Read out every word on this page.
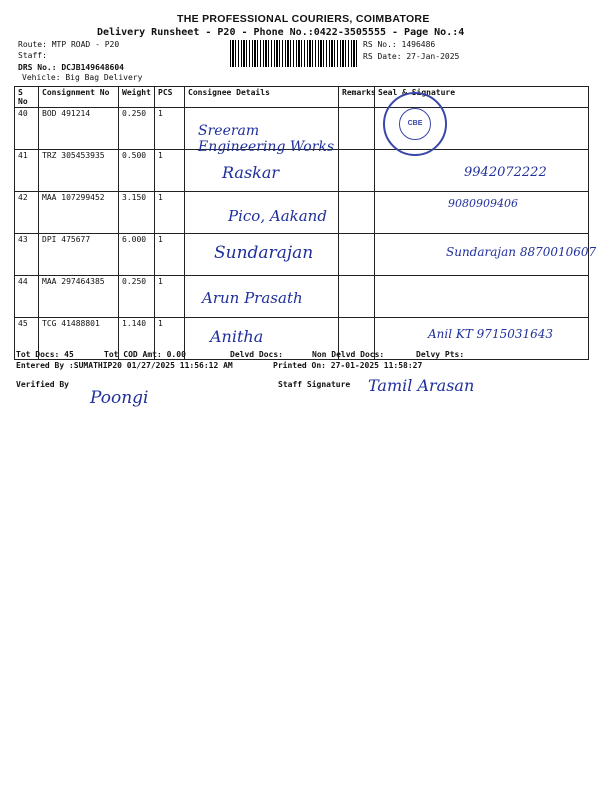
THE PROFESSIONAL COURIERS, COIMBATORE
Delivery Runsheet - P20 - Phone No.:0422-3505555 - Page No.:4
Route: MTP ROAD - P20
Staff:
DRS No.: DCJB149648604
Vehicle: Big Bag Delivery
RS No.: 1496486
RS Date: 27-Jan-2025
S No	Consignment No	Weight	PCS	Consignee Details	Remarks	Seal & Signature
40	BOD 491214	0.250	1	Sreeram Engineering Works		
41	TRZ 305453935	0.500	1	Raskar		9942072222
42	MAA 107299452	3.150	1	Pico, Aakand		9080909406
43	DPI 475677	6.000	1	Sundarajan		Sundarajan 8870010607
44	MAA 297464385	0.250	1	Arun Prasath		
45	TCG 41488801	1.140	1	Anitha		Anil KT 9715031643
CBE
Tot Docs: 45	Tot COD Amt: 0.00	Delvd Docs:	Non Delvd Docs:	Delvy Pts:
Entered By :SUMATHIP20 01/27/2025 11:56:12 AM	Printed On: 27-01-2025 11:58:27
Verified By	Staff Signature
Poongi
Tamil Arasan
